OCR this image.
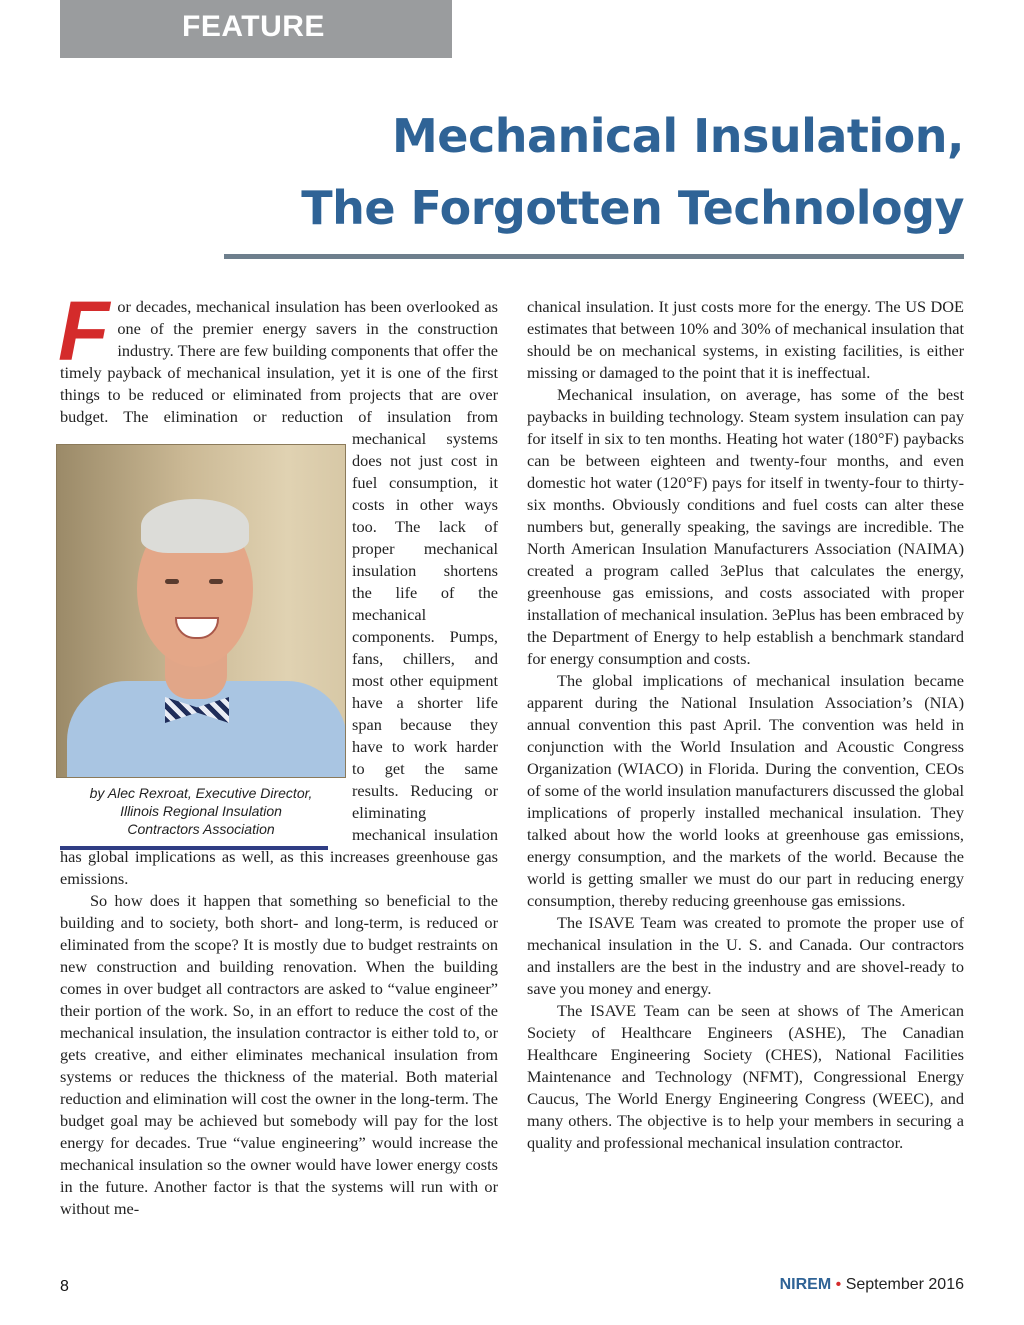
FEATURE
Mechanical Insulation,
The Forgotten Technology
F
by Alec Rexroat, Executive Director,
Illinois Regional Insulation
Contractors Association

or decades, mechanical insulation has been overlooked as one of the premier energy savers in the construction industry. There are few building components that offer the timely payback of mechanical insulation, yet it is one of the first things to be reduced or eliminated from projects that are over budget. The elimination or reduction of insulation from mechanical systems does not just cost in fuel consumption, it costs in other ways too. The lack of proper mechanical insulation shortens the life of the mechanical components. Pumps, fans, chillers, and most other equipment have a shorter life span because they have to work harder to get the same results. Reducing or eliminating mechanical insulation has global implications as well, as this increases greenhouse gas emissions.

So how does it happen that something so beneficial to the building and to society, both short- and long-term, is reduced or eliminated from the scope? It is mostly due to budget restraints on new construction and building renovation. When the building comes in over budget all contractors are asked to “value engineer” their portion of the work. So, in an effort to reduce the cost of the mechanical insulation, the insulation contractor is either told to, or gets creative, and either eliminates mechanical insulation from systems or reduces the thickness of the material. Both material reduction and elimination will cost the owner in the long-term. The budget goal may be achieved but somebody will pay for the lost energy for decades. True “value engineering” would increase the mechanical insulation so the owner would have lower energy costs in the future. Another factor is that the systems will run with or without me-

chanical insulation. It just costs more for the energy. The US DOE estimates that between 10% and 30% of mechanical insulation that should be on mechanical systems, in existing facilities, is either missing or damaged to the point that it is ineffectual.

Mechanical insulation, on average, has some of the best paybacks in building technology. Steam system insulation can pay for itself in six to ten months. Heating hot water (180°F) paybacks can be between eighteen and twenty-four months, and even domestic hot water (120°F) pays for itself in twenty-four to thirty-six months. Obviously conditions and fuel costs can alter these numbers but, generally speaking, the savings are incredible. The North American Insulation Manufacturers Association (NAIMA) created a program called 3ePlus that calculates the energy, greenhouse gas emissions, and costs associated with proper installation of mechanical insulation. 3ePlus has been embraced by the Department of Energy to help establish a benchmark standard for energy consumption and costs.

The global implications of mechanical insulation became apparent during the National Insulation Association’s (NIA) annual convention this past April. The convention was held in conjunction with the World Insulation and Acoustic Congress Organization (WIACO) in Florida. During the convention, CEOs of some of the world insulation manufacturers discussed the global implications of properly installed mechanical insulation. They talked about how the world looks at greenhouse gas emissions, energy consumption, and the markets of the world. Because the world is getting smaller we must do our part in reducing energy consumption, thereby reducing greenhouse gas emissions.

The ISAVE Team was created to promote the proper use of mechanical insulation in the U. S. and Canada. Our contractors and installers are the best in the industry and are shovel-ready to save you money and energy.

The ISAVE Team can be seen at shows of The American Society of Healthcare Engineers (ASHE), The Canadian Healthcare Engineering Society (CHES), National Facilities Maintenance and Technology (NFMT), Congressional Energy Caucus, The World Energy Engineering Congress (WEEC), and many others. The objective is to help your members in securing a quality and professional mechanical insulation contractor.

8	NIREM • September 2016
